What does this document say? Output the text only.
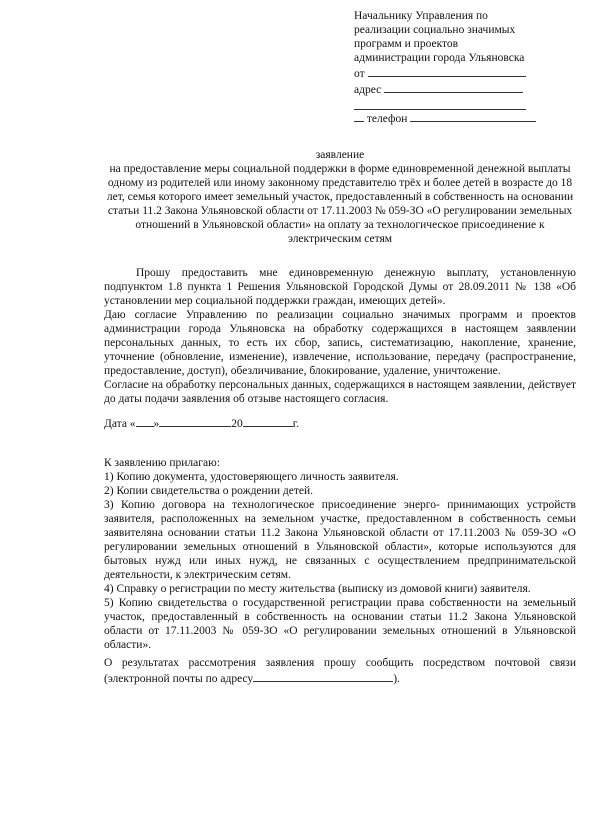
Начальнику Управления по
реализации социально значимых
программ и проектов
администрации города Ульяновска
от
адрес
телефон
заявление
на предоставление меры социальной поддержки в форме единовременной денежной выплаты одному из родителей или иному законному представителю трёх и более детей в возрасте до 18 лет, семья которого имеет земельный участок, предоставленный в собственность на основании статьи 11.2 Закона Ульяновской области от 17.11.2003 № 059-ЗО «О регулировании земельных отношений в Ульяновской области» на оплату за технологическое присоединение к электрическим сетям

Прошу предоставить мне единовременную денежную выплату, установленную подпунктом 1.8 пункта 1 Решения Ульяновской Городской Думы от 28.09.2011 № 138 «Об установлении мер социальной поддержки граждан, имеющих детей».

Даю согласие Управлению по реализации социально значимых программ и проектов администрации города Ульяновска на обработку содержащихся в настоящем заявлении персональных данных, то есть их сбор, запись, систематизацию, накопление, хранение, уточнение (обновление, изменение), извлечение, использование, передачу (распространение, предоставление, доступ), обезличивание, блокирование, удаление, уничтожение.

Согласие на обработку персональных данных, содержащихся в настоящем заявлении, действует до даты подачи заявления об отзыве настоящего согласия.

Дата « »	20	г.
К заявлению прилагаю:
1) Копию документа, удостоверяющего личность заявителя.
2) Копии свидетельства о рождении детей.
3) Копию договора на технологическое присоединение энерго- принимающих устройств заявителя, расположенных на земельном участке, предоставленном в собственность семьи заявителяна основании статьи 11.2 Закона Ульяновской области от 17.11.2003 № 059-ЗО «О регулировании земельных отношений в Ульяновской области», которые используются для бытовых нужд или иных нужд, не связанных с осуществлением предпринимательской деятельности, к электрическим сетям.
4) Справку о регистрации по месту жительства (выписку из домовой книги) заявителя.
5) Копию свидетельства о государственной регистрации права собственности на земельный участок, предоставленный в собственность на основании статьи 11.2 Закона Ульяновской области от 17.11.2003 № 059-ЗО «О регулировании земельных отношений в Ульяновской области».
О результатах рассмотрения заявления прошу сообщить посредством почтовой связи (электронной почты по адресу	).
